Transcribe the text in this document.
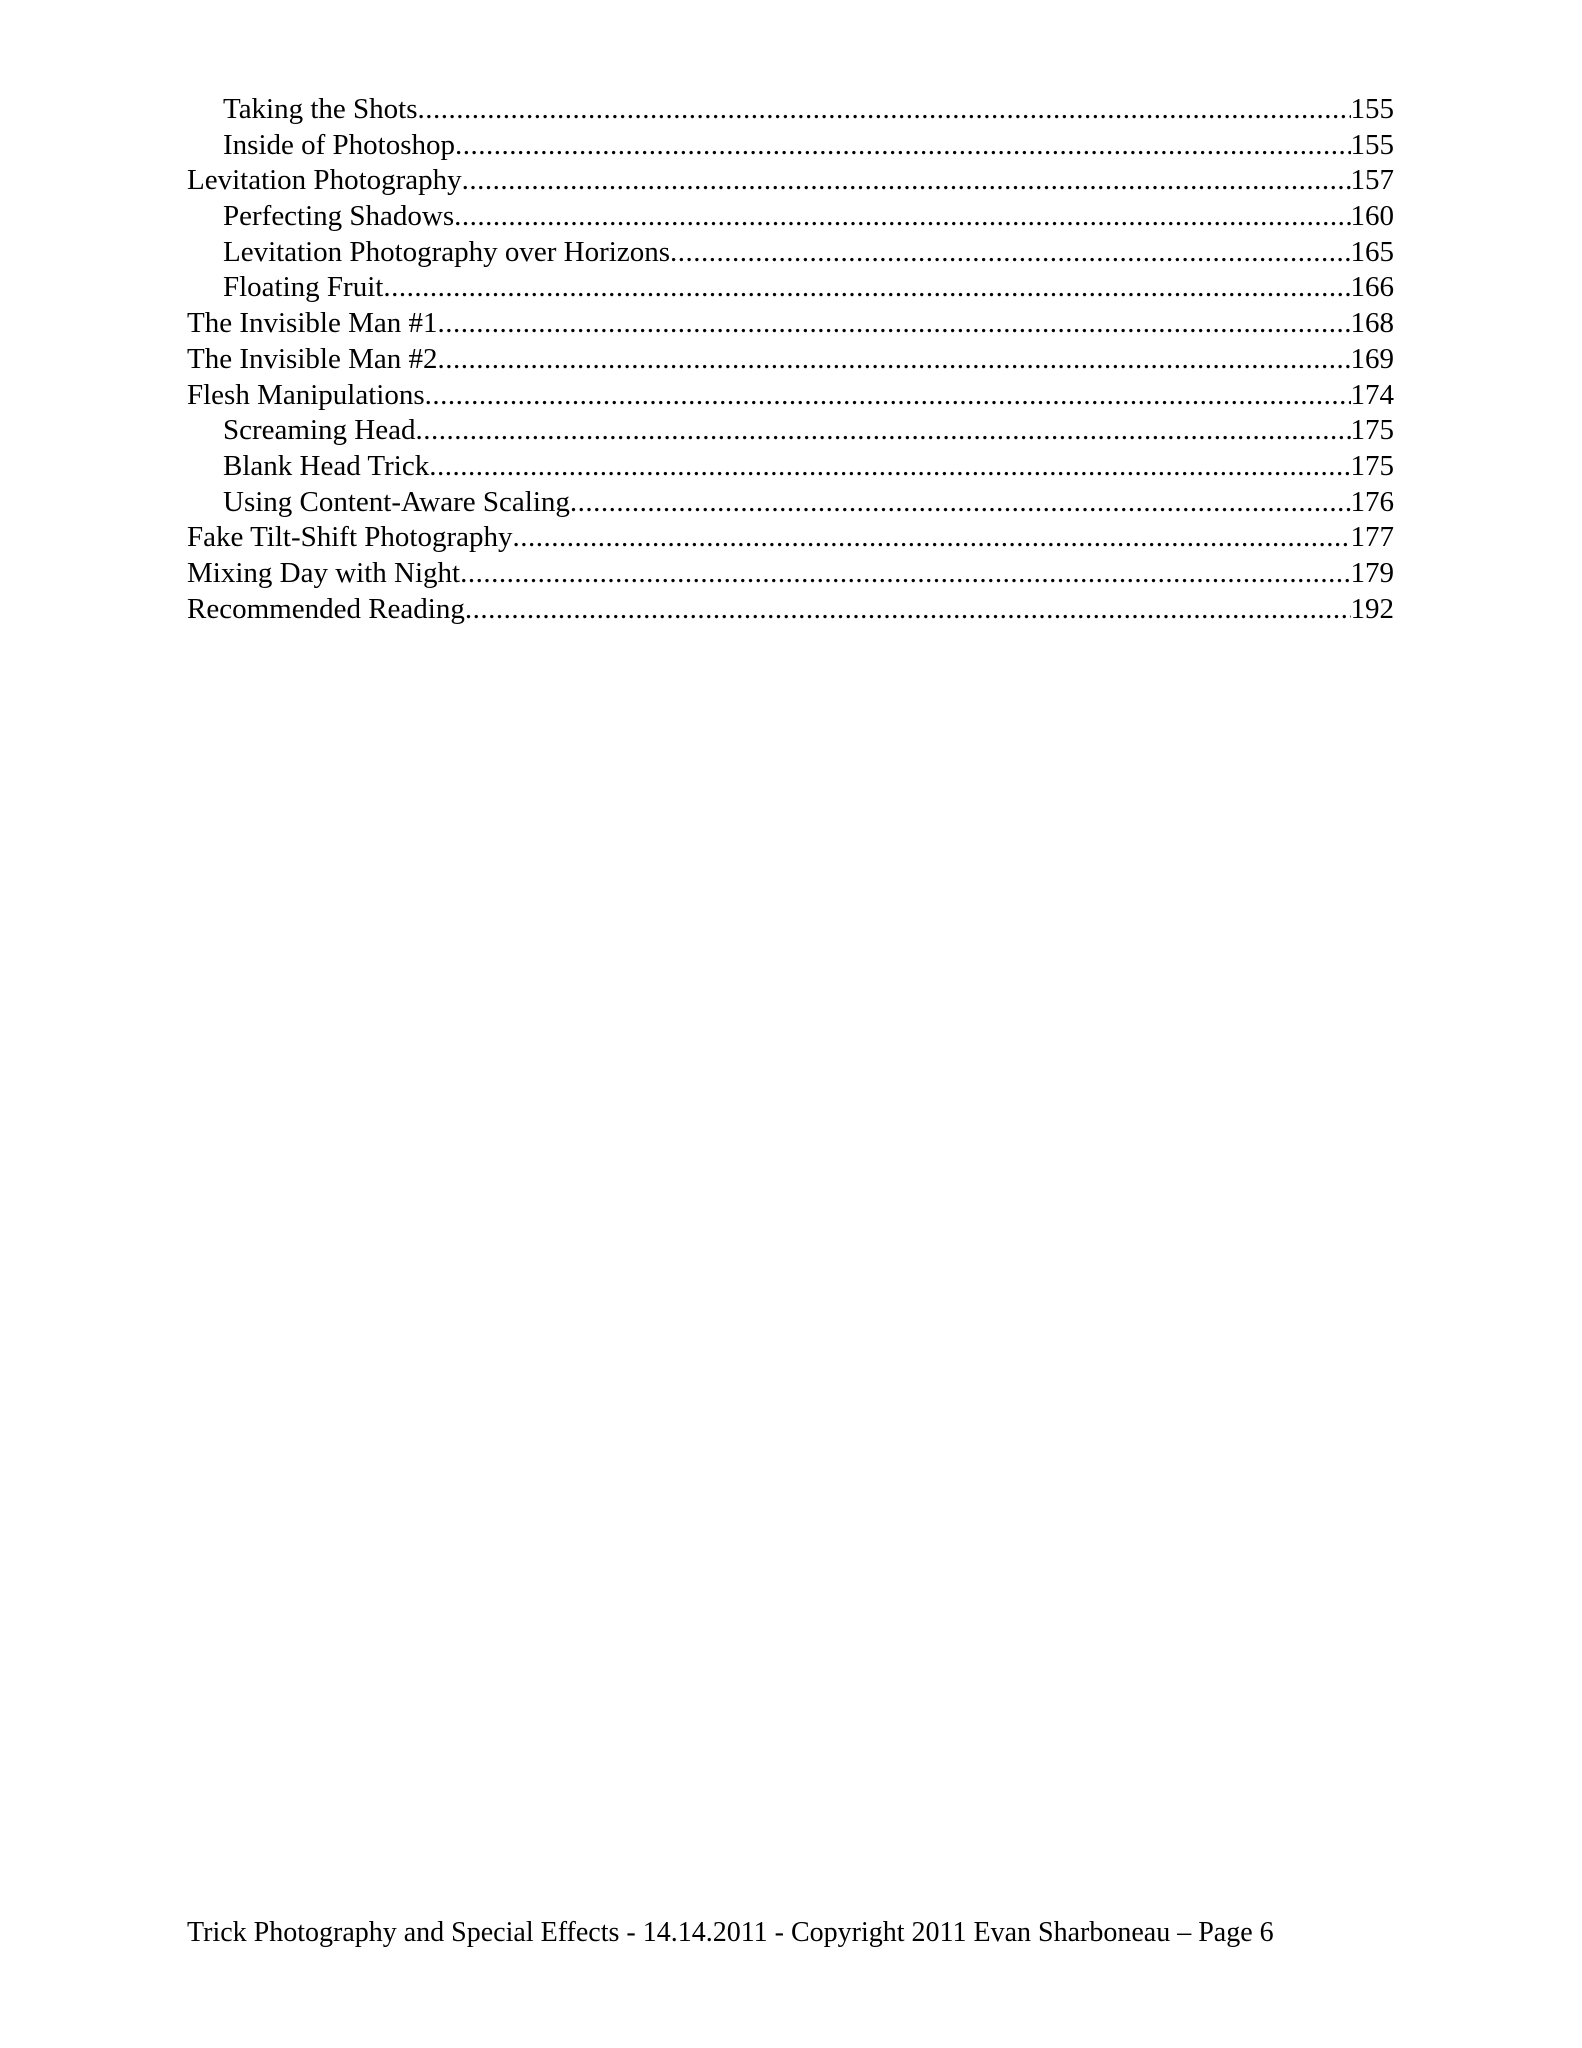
Taking the Shots .....	155
Inside of Photoshop .....	155
Levitation Photography .....	157
Perfecting Shadows .....	160
Levitation Photography over Horizons .....	165
Floating Fruit .....	166
The Invisible Man #1 .....	168
The Invisible Man #2 .....	169
Flesh Manipulations .....	174
Screaming Head .....	175
Blank Head Trick .....	175
Using Content-Aware Scaling .....	176
Fake Tilt-Shift Photography .....	177
Mixing Day with Night .....	179
Recommended Reading .....	192
Trick Photography and Special Effects - 14.14.2011 - Copyright 2011 Evan Sharboneau – Page 6
